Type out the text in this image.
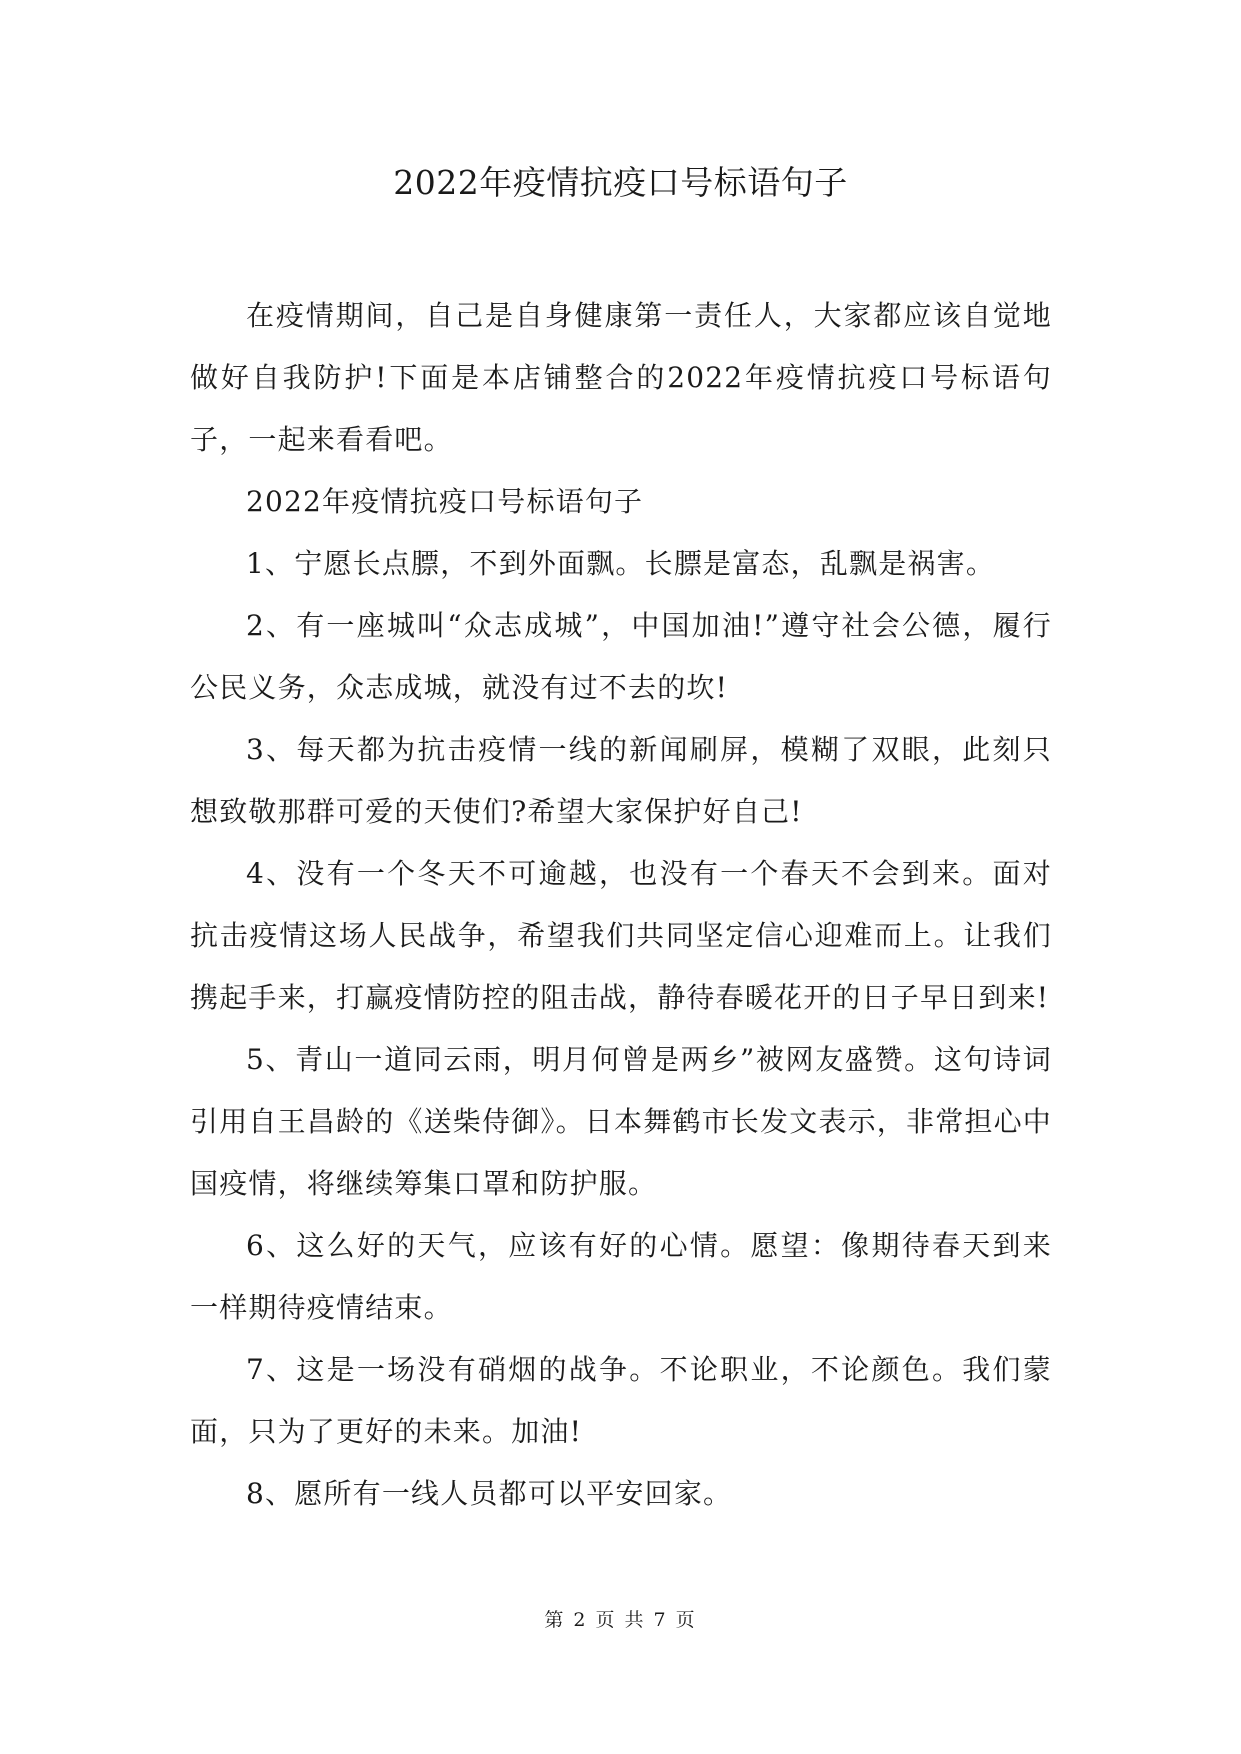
2022年疫情抗疫口号标语句子

在疫情期间，自己是自身健康第一责任人，大家都应该自觉地做好自我防护!下面是本店铺整合的2022年疫情抗疫口号标语句子，一起来看看吧。

2022年疫情抗疫口号标语句子

1、宁愿长点膘，不到外面飘。长膘是富态，乱飘是祸害。

2、有一座城叫“众志成城”，中国加油!”遵守社会公德，履行公民义务，众志成城，就没有过不去的坎!

3、每天都为抗击疫情一线的新闻刷屏，模糊了双眼，此刻只想致敬那群可爱的天使们?希望大家保护好自己!

4、没有一个冬天不可逾越，也没有一个春天不会到来。面对抗击疫情这场人民战争，希望我们共同坚定信心迎难而上。让我们携起手来，打赢疫情防控的阻击战，静待春暖花开的日子早日到来!

5、青山一道同云雨，明月何曾是两乡”被网友盛赞。这句诗词引用自王昌龄的《送柴侍御》。日本舞鹤市长发文表示，非常担心中国疫情，将继续筹集口罩和防护服。

6、这么好的天气，应该有好的心情。愿望：像期待春天到来一样期待疫情结束。

7、这是一场没有硝烟的战争。不论职业，不论颜色。我们蒙面，只为了更好的未来。加油!

8、愿所有一线人员都可以平安回家。

第 2 页 共 7 页
